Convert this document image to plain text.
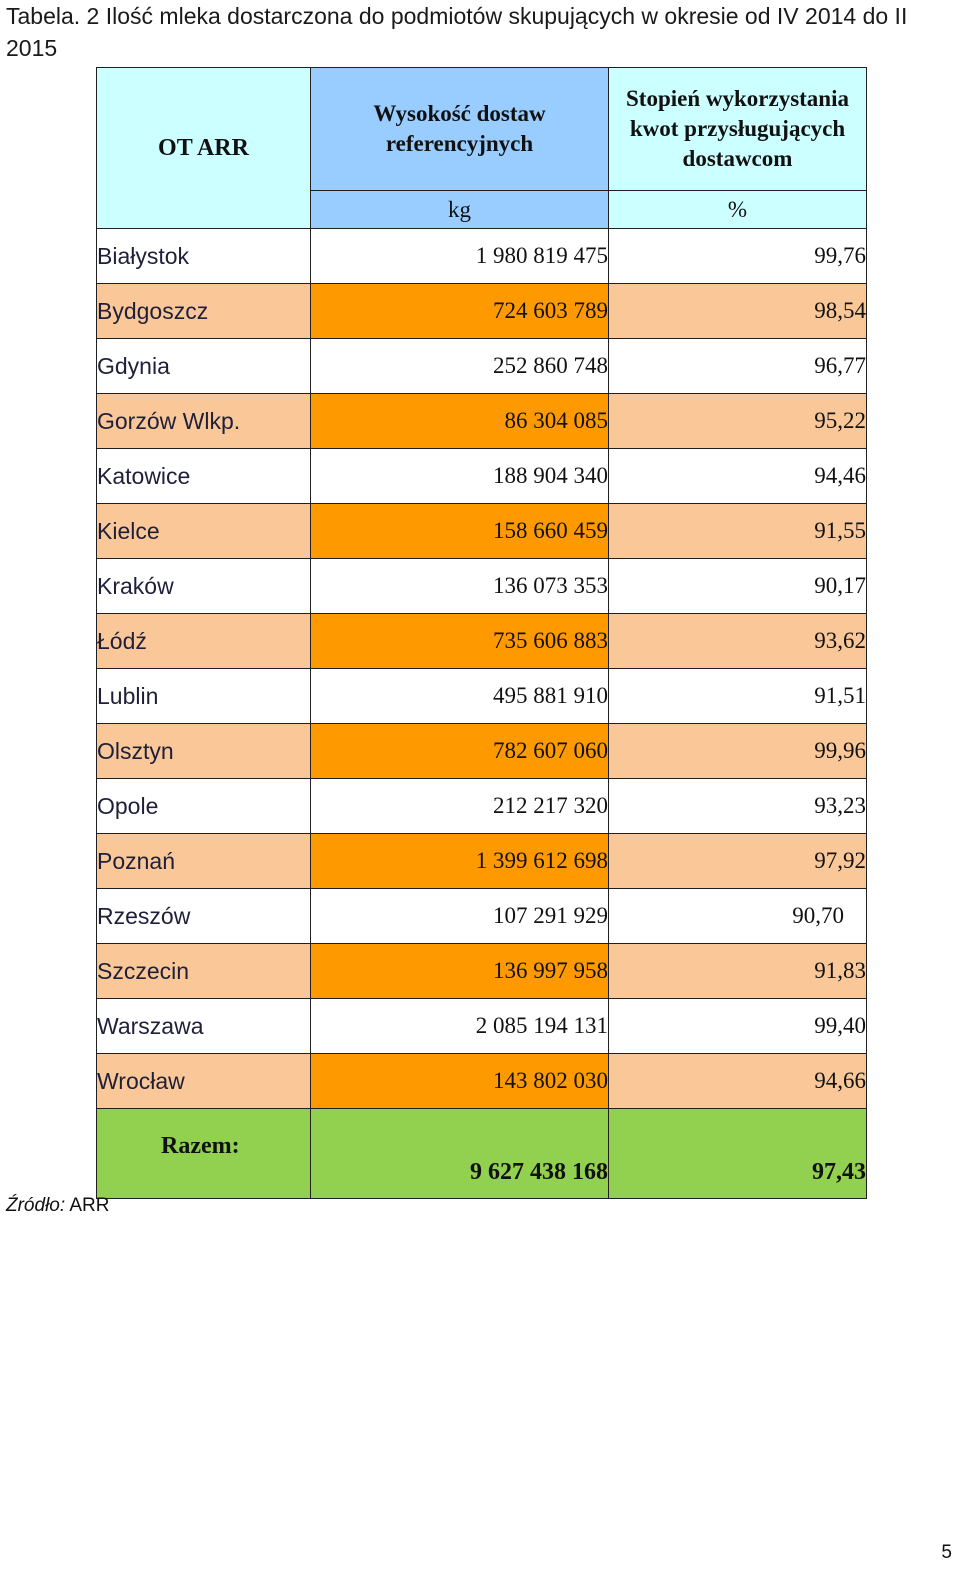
Tabela. 2 Ilość mleka dostarczona do podmiotów skupujących w okresie od IV 2014 do II 2015
OT ARR	Wysokość dostaw referencyjnych	Stopień wykorzystania kwot przysługujących dostawcom
	kg	%
Białystok	1 980 819 475	99,76
Bydgoszcz	724 603 789	98,54
Gdynia	252 860 748	96,77
Gorzów Wlkp.	86 304 085	95,22
Katowice	188 904 340	94,46
Kielce	158 660 459	91,55
Kraków	136 073 353	90,17
Łódź	735 606 883	93,62
Lublin	495 881 910	91,51
Olsztyn	782 607 060	99,96
Opole	212 217 320	93,23
Poznań	1 399 612 698	97,92
Rzeszów	107 291 929	90,70
Szczecin	136 997 958	91,83
Warszawa	2 085 194 131	99,40
Wrocław	143 802 030	94,66

Razem:	9 627 438 168	97,43
Źródło: ARR
5
